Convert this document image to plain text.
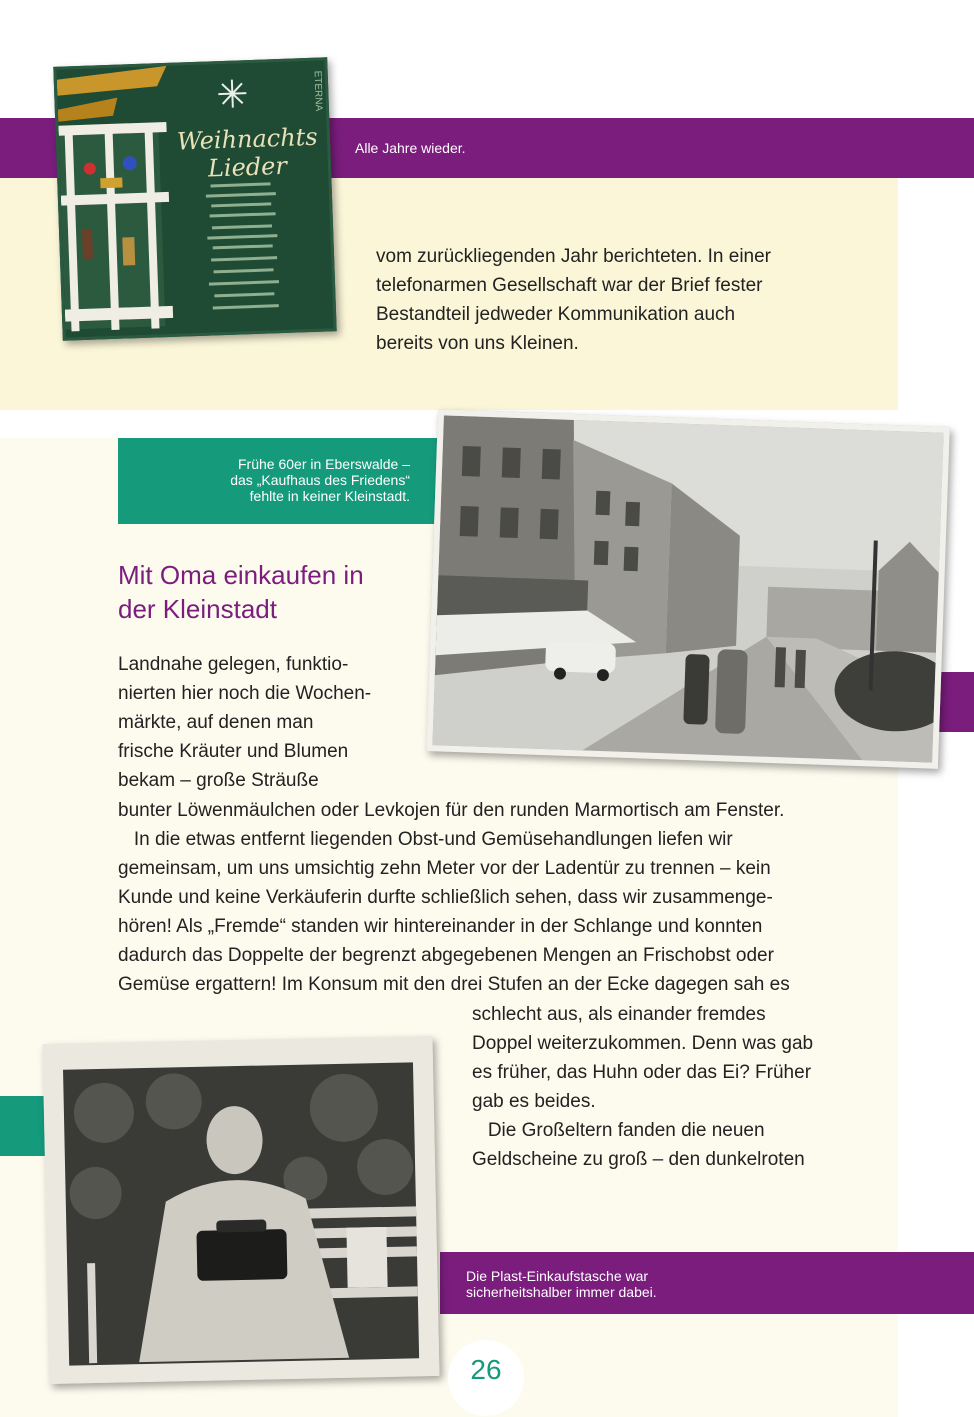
Weihnachts
Lieder
ETERNA
Alle Jahre wieder.
vom zurückliegenden Jahr berichteten. In einer
telefonarmen Gesellschaft war der Brief fester
Bestandteil jedweder Kommunikation auch
bereits von uns Kleinen.
Frühe 60er in Eberswalde –
das „Kaufhaus des Friedens“
fehlte in keiner Kleinstadt.
Mit Oma einkaufen in
der Kleinstadt
Landnahe gelegen, funktio-
nierten hier noch die Wochen-
märkte, auf denen man
frische Kräuter und Blumen
bekam – große Sträuße
bunter Löwenmäulchen oder Levkojen für den runden Marmortisch am Fenster.
In die etwas entfernt liegenden Obst-und Gemüsehandlungen liefen wir
gemeinsam, um uns umsichtig zehn Meter vor der Ladentür zu trennen – kein
Kunde und keine Verkäuferin durfte schließlich sehen, dass wir zusammenge-
hören! Als „Fremde“ standen wir hintereinander in der Schlange und konnten
dadurch das Doppelte der begrenzt abgegebenen Mengen an Frischobst oder
Gemüse ergattern! Im Konsum mit den drei Stufen an der Ecke dagegen sah es
schlecht aus, als einander fremdes
Doppel weiterzukommen. Denn was gab
es früher, das Huhn oder das Ei? Früher
gab es beides.
Die Großeltern fanden die neuen
Geldscheine zu groß – den dunkelroten
Die Plast-Einkaufstasche war
sicherheitshalber immer dabei.
26
